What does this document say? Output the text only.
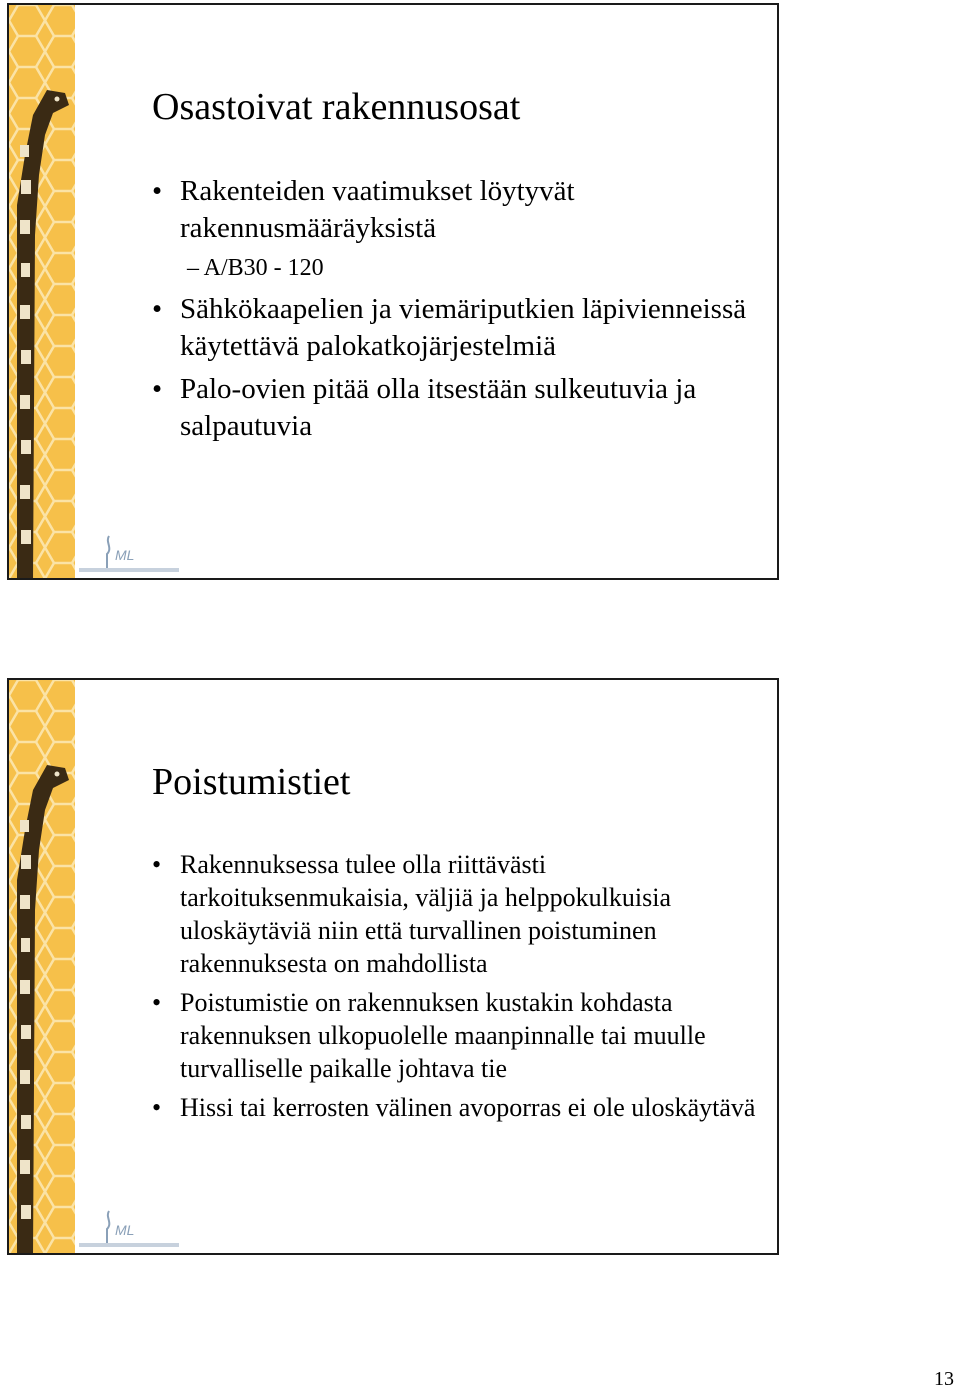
ML
Osastoivat rakennusosat
• Rakenteiden vaatimukset löytyvät rakennusmääräyksistä
– A/B30 - 120
• Sähkökaapelien ja viemäriputkien läpivienneissä käytettävä palokatkojärjestelmiä
• Palo-ovien pitää olla itsestään sulkeutuvia ja salpautuvia
ML
Poistumistiet
• Rakennuksessa tulee olla riittävästi tarkoituksenmukaisia, väljiä ja helppokulkuisia uloskäytäviä niin että turvallinen poistuminen rakennuksesta on mahdollista
• Poistumistie on rakennuksen kustakin kohdasta rakennuksen ulkopuolelle maanpinnalle tai muulle turvalliselle paikalle johtava tie
• Hissi tai kerrosten välinen avoporras ei ole uloskäytävä
13
